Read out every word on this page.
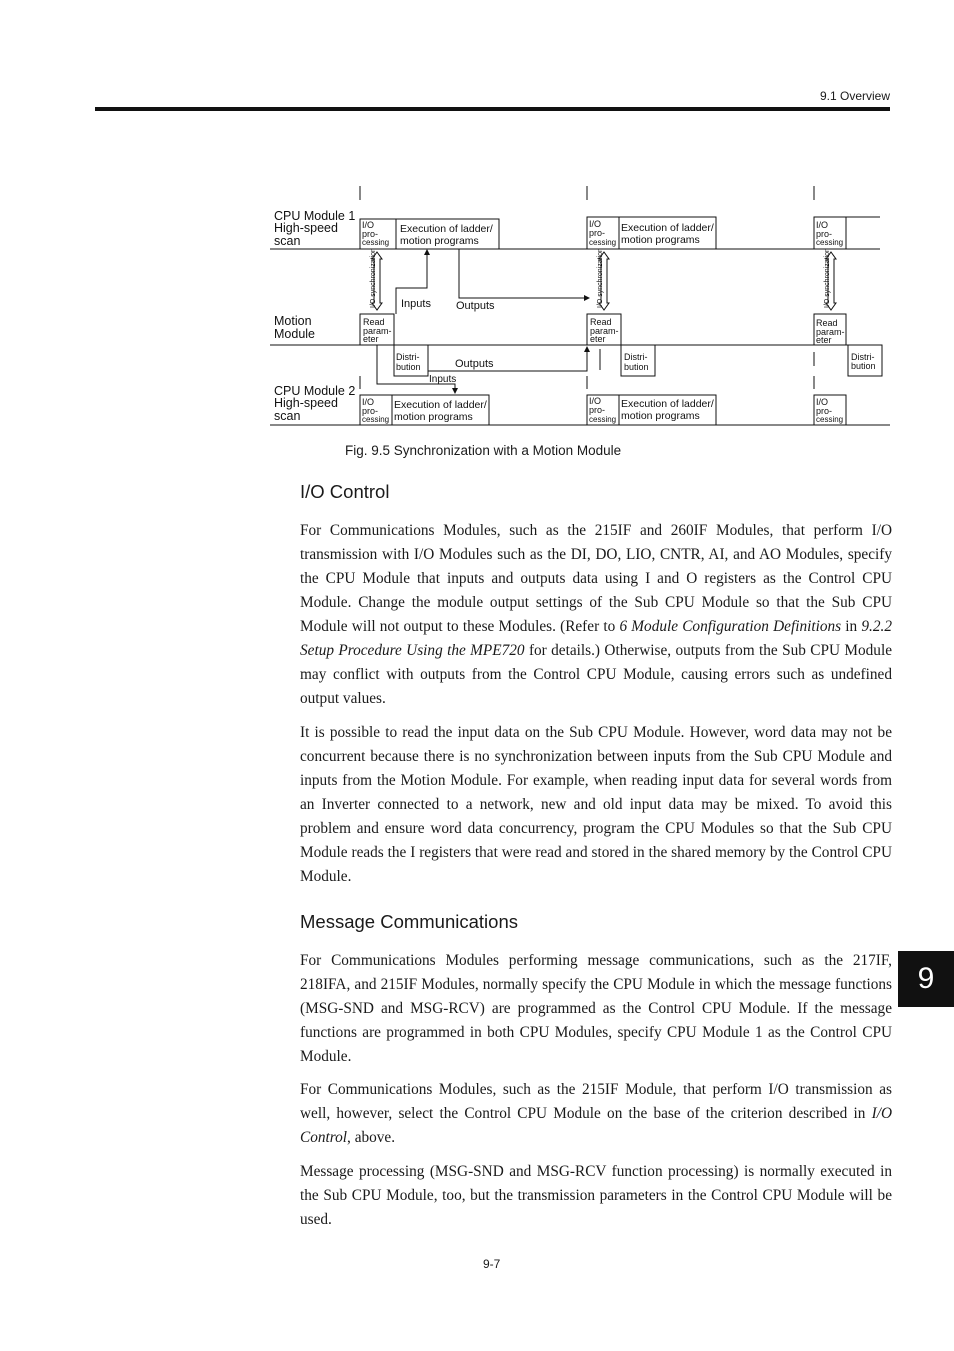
9.1 Overview
CPU Module 1
High-speed
scan
Motion
Module
CPU Module 2
High-speed
scan
I/O
pro-
cessing
I/O
pro-
cessing
I/O
pro-
cessing
I/O
pro-
cessing
I/O
pro-
cessing
I/O
pro-
cessing
Read
param-
eter
Read
param-
eter
Read
param-
eter
Distri-
bution
Distri-
bution
Distri-
bution
Execution of ladder/
motion programs
Execution of ladder/
motion programs
Execution of ladder/
motion programs
Execution of ladder/
motion programs
I/O synchronization	I/O synchronization	I/O synchronization
Inputs Outputs
Outputs
Inputs
Fig. 9.5 Synchronization with a Motion Module
I/O Control

For Communications Modules, such as the 215IF and 260IF Modules, that perform I/O transmission with I/O Modules such as the DI, DO, LIO, CNTR, AI, and AO Modules, specify the CPU Module that inputs and outputs data using I and O registers as the Control CPU Module. Change the module output settings of the Sub CPU Module so that the Sub CPU Module will not output to these Modules. (Refer to 6 Module Configuration Definitions in 9.2.2 Setup Procedure Using the MPE720 for details.) Otherwise, outputs from the Sub CPU Module may conflict with outputs from the Control CPU Module, causing errors such as undefined output values.

It is possible to read the input data on the Sub CPU Module. However, word data may not be concurrent because there is no synchronization between inputs from the Sub CPU Module and inputs from the Motion Module. For example, when reading input data for several words from an Inverter connected to a network, new and old input data may be mixed. To avoid this problem and ensure word data concurrency, program the CPU Modules so that the Sub CPU Module reads the I registers that were read and stored in the shared memory by the Control CPU Module.

Message Communications

For Communications Modules performing message communications, such as the 217IF, 218IFA, and 215IF Modules, normally specify the CPU Module in which the message functions (MSG-SND and MSG-RCV) are programmed as the Control CPU Module. If the message functions are programmed in both CPU Modules, specify CPU Module 1 as the Control CPU Module.

For Communications Modules, such as the 215IF Module, that perform I/O transmission as well, however, select the Control CPU Module on the base of the criterion described in I/O Control, above.

Message processing (MSG-SND and MSG-RCV function processing) is normally executed in the Sub CPU Module, too, but the transmission parameters in the Control CPU Module will be used.

9-7
9
